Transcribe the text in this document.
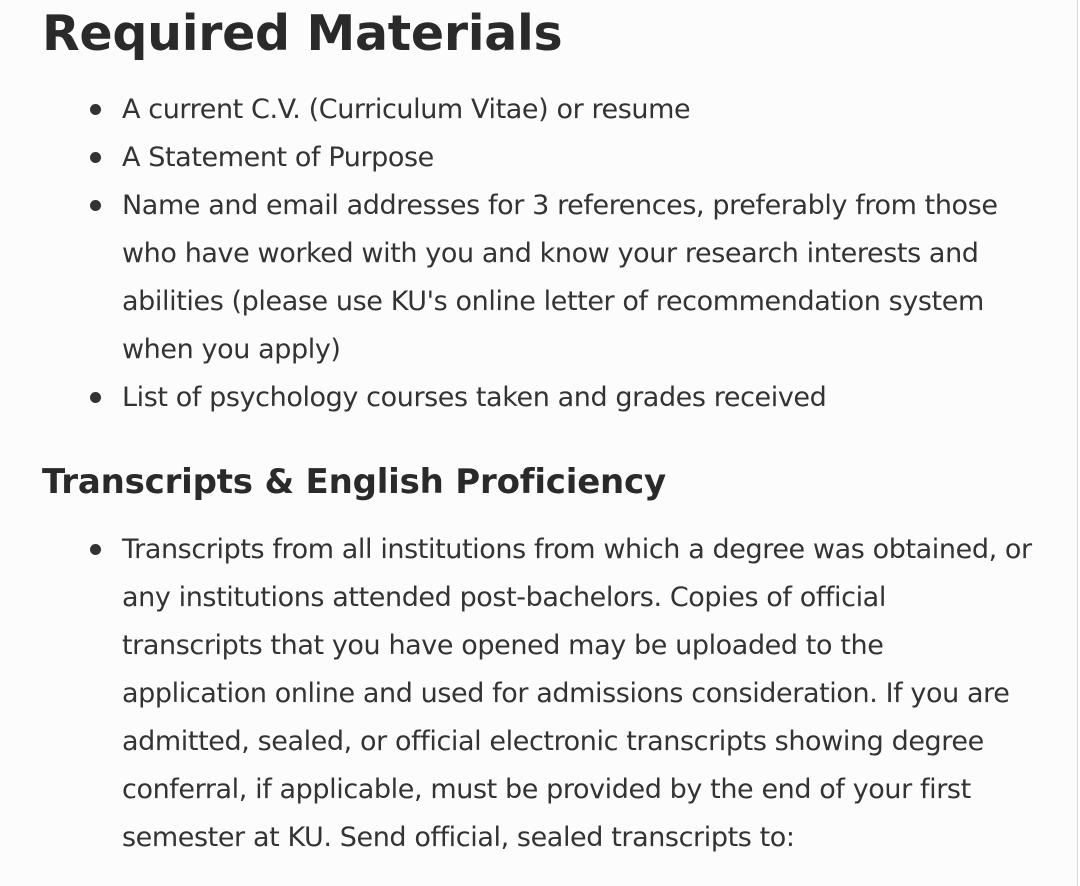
Required Materials
A current C.V. (Curriculum Vitae) or resume
A Statement of Purpose
Name and email addresses for 3 references, preferably from those who have worked with you and know your research interests and abilities (please use KU's online letter of recommendation system when you apply)
List of psychology courses taken and grades received
Transcripts & English Proficiency
Transcripts from all institutions from which a degree was obtained, or any institutions attended post-bachelors. Copies of official transcripts that you have opened may be uploaded to the application online and used for admissions consideration. If you are admitted, sealed, or official electronic transcripts showing degree conferral, if applicable, must be provided by the end of your first semester at KU. Send official, sealed transcripts to:
